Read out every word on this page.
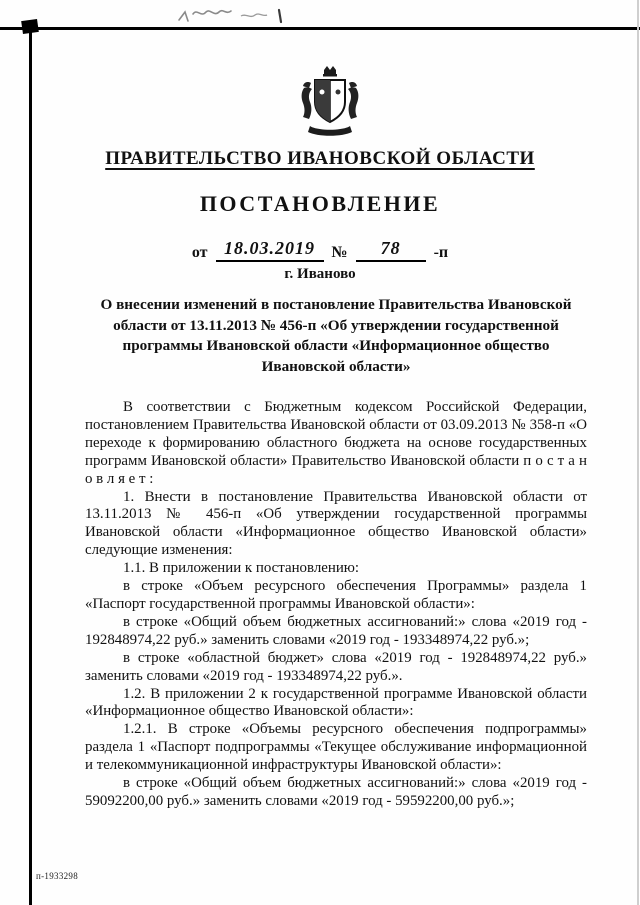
ПРАВИТЕЛЬСТВО ИВАНОВСКОЙ ОБЛАСТИ
ПОСТАНОВЛЕНИЕ
от 18.03.2019	№	78	-п
г. Иваново
О внесении изменений в постановление Правительства Ивановской области от 13.11.2013 № 456-п «Об утверждении государственной программы Ивановской области «Информационное общество Ивановской области»

В соответствии с Бюджетным кодексом Российской Федерации, постановлением Правительства Ивановской области от 03.09.2013 № 358-п «О переходе к формированию областного бюджета на основе государственных программ Ивановской области» Правительство Ивановской области п о с т а н о в л я е т :

1. Внести в постановление Правительства Ивановской области от 13.11.2013 № 456-п «Об утверждении государственной программы Ивановской области «Информационное общество Ивановской области» следующие изменения:

1.1. В приложении к постановлению:

в строке «Объем ресурсного обеспечения Программы» раздела 1 «Паспорт государственной программы Ивановской области»:

в строке «Общий объем бюджетных ассигнований:» слова «2019 год - 192848974,22 руб.» заменить словами «2019 год - 193348974,22 руб.»;

в строке «областной бюджет» слова «2019 год - 192848974,22 руб.» заменить словами «2019 год - 193348974,22 руб.».

1.2. В приложении 2 к государственной программе Ивановской области «Информационное общество Ивановской области»:

1.2.1. В строке «Объемы ресурсного обеспечения подпрограммы» раздела 1 «Паспорт подпрограммы «Текущее обслуживание информационной и телекоммуникационной инфраструктуры Ивановской области»:

в строке «Общий объем бюджетных ассигнований:» слова «2019 год - 59092200,00 руб.» заменить словами «2019 год - 59592200,00 руб.»;

п-1933298
